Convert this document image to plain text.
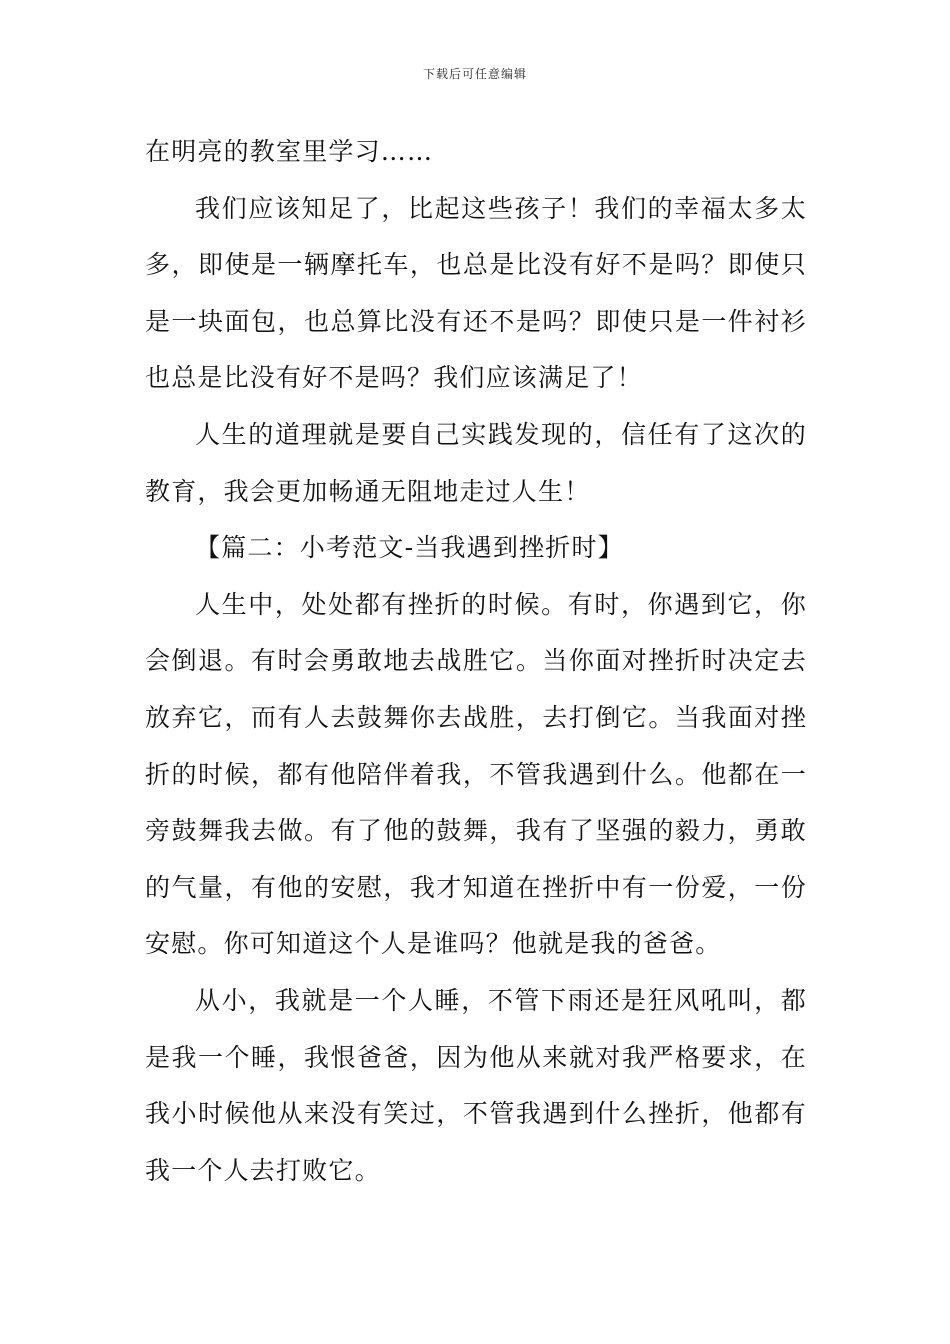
下载后可任意编辑

在明亮的教室里学习……

我们应该知足了，比起这些孩子！我们的幸福太多太多，即使是一辆摩托车，也总是比没有好不是吗？即使只是一块面包，也总算比没有还不是吗？即使只是一件衬衫也总是比没有好不是吗？我们应该满足了！

人生的道理就是要自己实践发现的，信任有了这次的教育，我会更加畅通无阻地走过人生！

【篇二：小考范文-当我遇到挫折时】

人生中，处处都有挫折的时候。有时，你遇到它，你会倒退。有时会勇敢地去战胜它。当你面对挫折时决定去放弃它，而有人去鼓舞你去战胜，去打倒它。当我面对挫折的时候，都有他陪伴着我，不管我遇到什么。他都在一旁鼓舞我去做。有了他的鼓舞，我有了坚强的毅力，勇敢的气量，有他的安慰，我才知道在挫折中有一份爱，一份安慰。你可知道这个人是谁吗？他就是我的爸爸。

从小，我就是一个人睡，不管下雨还是狂风吼叫，都是我一个睡，我恨爸爸，因为他从来就对我严格要求，在我小时候他从来没有笑过，不管我遇到什么挫折，他都有我一个人去打败它。
